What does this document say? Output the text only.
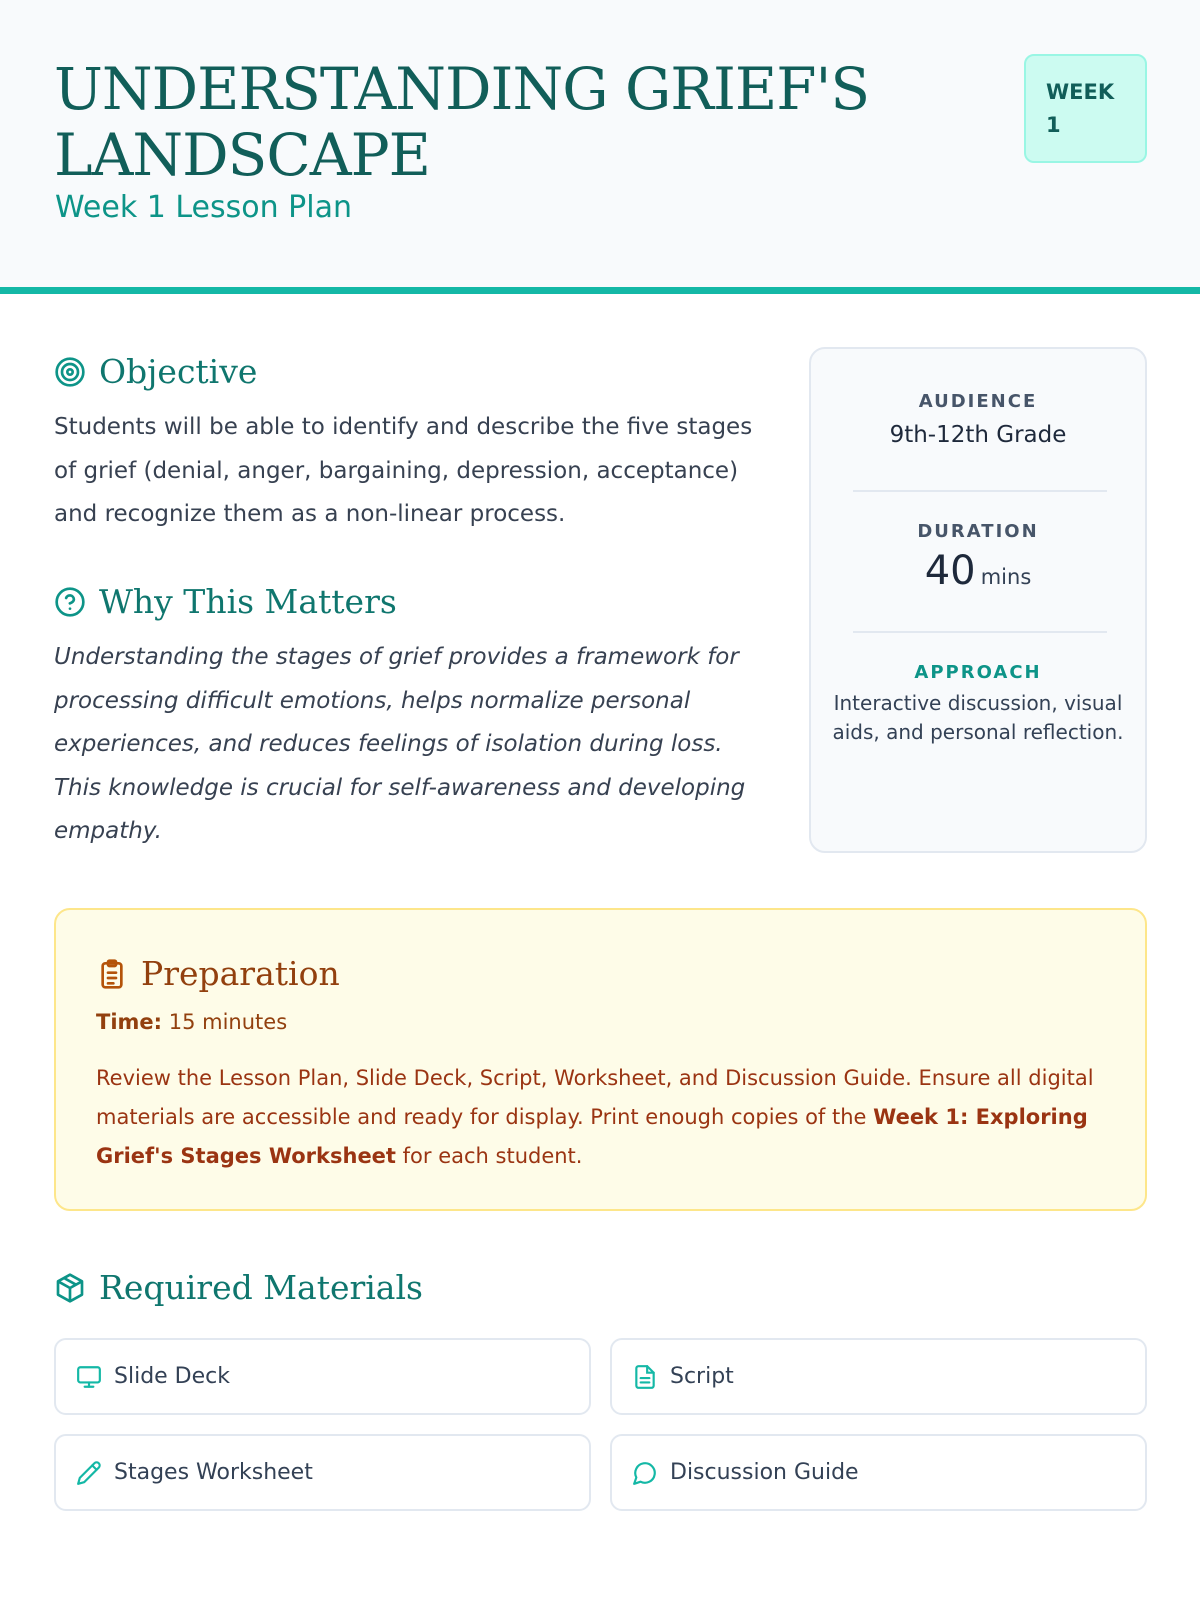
UNDERSTANDING GRIEF'S LANDSCAPE
Week 1 Lesson Plan
WEEK
1
Objective
Students will be able to identify and describe the five stages of grief (denial, anger, bargaining, depression, acceptance) and recognize them as a non-linear process.
Why This Matters
Understanding the stages of grief provides a framework for processing difficult emotions, helps normalize personal experiences, and reduces feelings of isolation during loss. This knowledge is crucial for self-awareness and developing empathy.
AUDIENCE
9th-12th Grade
DURATION
40 mins
APPROACH
Interactive discussion, visual aids, and personal reflection.
Preparation
Time: 15 minutes
Review the Lesson Plan, Slide Deck, Script, Worksheet, and Discussion Guide. Ensure all digital materials are accessible and ready for display. Print enough copies of the Week 1: Exploring Grief's Stages Worksheet for each student.
Required Materials
Slide Deck	Script
Stages Worksheet	Discussion Guide
